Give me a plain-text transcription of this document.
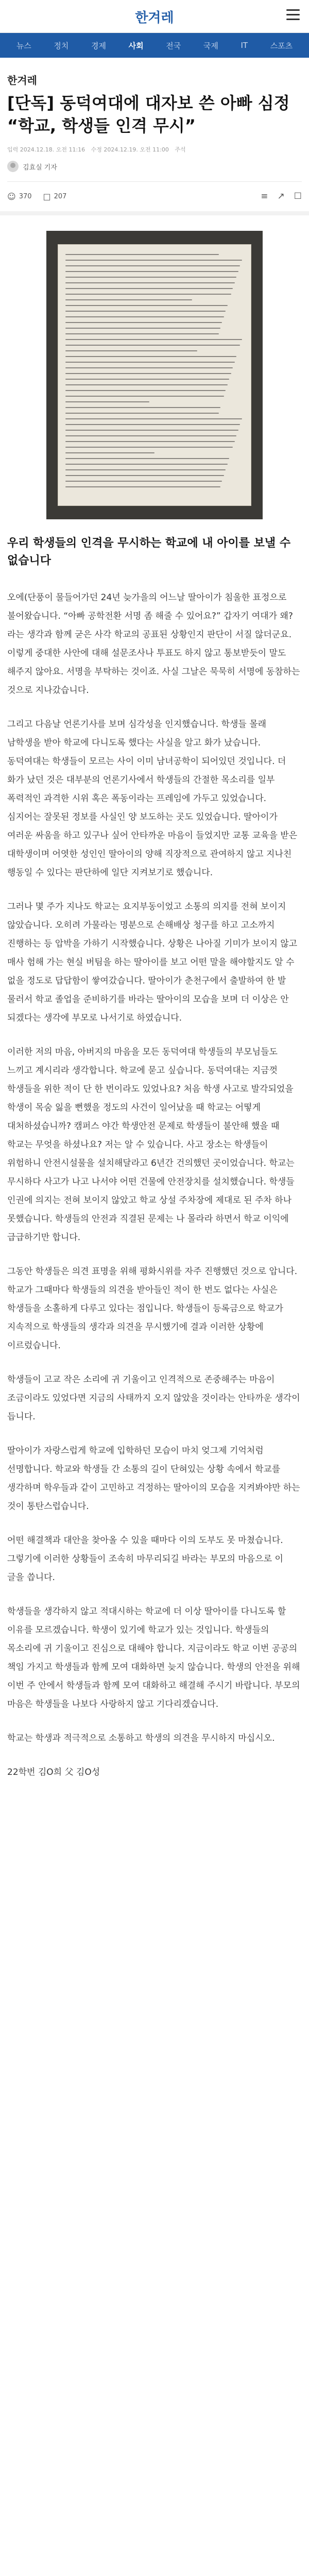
한겨레
뉴스	정치	경제	사회	전국	국제	IT	스포츠
한겨레
[단독] 동덕여대에 대자보 쓴 아빠 심정 “학교, 학생들 인격 무시”
입력 2024.12.18. 오전 11:16 수정 2024.12.19. 오전 11:00 주석
김효실 기자
☺ 370 □ 207	≡ ↗ ☐

우리 학생들의 인격을 무시하는 학교에 내 아이를 보낼 수 없습니다

오에(단풍이 물들어가던 24년 늦가을의 어느날 딸아이가 침울한 표정으로 불어왔습니다. “아빠 공학전환 서명 좀 해줄 수 있어요?” 갑자기 여대가 왜? 라는 생각과 함께 굳은 사각 학교의 공표된 상황인지 판단이 서질 않더군요. 이렇게 중대한 사안에 대해 설문조사나 투표도 하지 않고 통보받듯이 말도 해주지 않아요. 서명을 부탁하는 것이죠. 사실 그날은 묵묵히 서명에 동참하는 것으로 지나갔습니다.

그리고 다음날 언론기사를 보며 심각성을 인지했습니다. 학생들 몰래 남학생을 받아 학교에 다니도록 했다는 사실을 알고 화가 났습니다. 동덕여대는 학생들이 모르는 사이 이미 남녀공학이 되어있던 것입니다. 더 화가 났던 것은 대부분의 언론기사에서 학생들의 간절한 목소리를 일부 폭력적인 과격한 시위 혹은 폭동이라는 프레임에 가두고 있었습니다. 심지어는 잘못된 정보를 사실인 양 보도하는 곳도 있었습니다. 딸아이가 여러운 싸움을 하고 있구나 싶어 안타까운 마음이 들었지만 교통 교육을 받은 대학생이며 어엿한 성인인 딸아이의 양해 직장적으로 관여하지 않고 지나친 행동일 수 있다는 판단하에 일단 지켜보기로 했습니다.

그러나 몇 주가 지나도 학교는 요지부동이었고 소통의 의지를 전혀 보이지 않았습니다. 오히려 가물라는 명분으로 손해배상 청구를 하고 고소까지 진행하는 등 압박을 가하기 시작했습니다. 상황은 나아질 기미가 보이지 않고 매사 험해 가는 현실 버팀을 하는 딸아이를 보고 어떤 말을 해야할지도 알 수 없을 정도로 답답함이 쌓여갔습니다. 딸아이가 춘천구에서 출발하여 한 발 물러서 학교 졸업을 준비하기를 바라는 딸아이의 모습을 보며 더 이상은 안 되겠다는 생각에 부모로 나서기로 하였습니다.

이러한 저의 마음, 아버지의 마음을 모든 동덕여대 학생들의 부모님들도 느끼고 계시리라 생각합니다. 학교에 묻고 싶습니다. 동덕여대는 지금껏 학생들을 위한 적이 단 한 번이라도 있었나요? 처음 학생 사고로 발각되었을 학생이 목숨 잃을 뻔했을 정도의 사건이 일어났을 때 학교는 어떻게 대처하셨습니까? 캠퍼스 야간 학생안전 문제로 학생들이 불안해 했을 때 학교는 무엇을 하셨나요? 저는 알 수 있습니다. 사고 장소는 학생들이 위험하니 안전시설물을 설치해달라고 6년간 건의했던 곳이었습니다. 학교는 무시하다 사고가 나고 나서야 어떤 건물에 안전장치를 설치했습니다. 학생들 인권에 의지는 전혀 보이지 않았고 학교 상설 주차장에 제대로 된 주차 하나 못했습니다. 학생들의 안전과 직결된 문제는 나 몰라라 하면서 학교 이익에 급급하기만 합니다.

그동안 학생들은 의견 표명을 위해 평화시위를 자주 진행했던 것으로 압니다. 학교가 그때마다 학생들의 의견을 받아들인 적이 한 번도 없다는 사실은 학생들을 소홀하게 다루고 있다는 점입니다. 학생들이 등록금으로 학교가 지속적으로 학생들의 생각과 의견을 무시했기에 결과 이러한 상황에 이르렀습니다.

학생들이 고교 작은 소리에 귀 기울이고 인격적으로 존중해주는 마음이 조금이라도 있었다면 지금의 사태까지 오지 않았을 것이라는 안타까운 생각이 듭니다.

딸아이가 자랑스럽게 학교에 입학하던 모습이 마치 엊그제 기억처럼 선명합니다. 학교와 학생들 간 소통의 길이 단혀있는 상황 속에서 학교를 생각하며 학우들과 같이 고민하고 걱정하는 딸아이의 모습을 지켜봐야만 하는 것이 통탄스럽습니다.

어떤 해결책과 대안을 찾아올 수 있을 때마다 이의 도부도 못 마쳤습니다. 그렇기에 이러한 상황들이 조속히 마무리되길 바라는 부모의 마음으로 이 글을 씁니다.

학생들을 생각하지 않고 적대시하는 학교에 더 이상 딸아이를 다니도록 할 이유를 모르겠습니다. 학생이 있기에 학교가 있는 것입니다. 학생들의 목소리에 귀 기울이고 진심으로 대해야 합니다. 지금이라도 학교 이번 공공의 책임 가지고 학생들과 함께 모여 대화하면 늦지 않습니다. 학생의 안전을 위해 이번 주 안에서 학생들과 함께 모여 대화하고 해결해 주시기 바랍니다. 부모의 마음은 학생들을 나보다 사랑하지 않고 기다리겠습니다.

학교는 학생과 적극적으로 소통하고 학생의 의견을 무시하지 마십시오.

22학번 김O희 父 김O성
